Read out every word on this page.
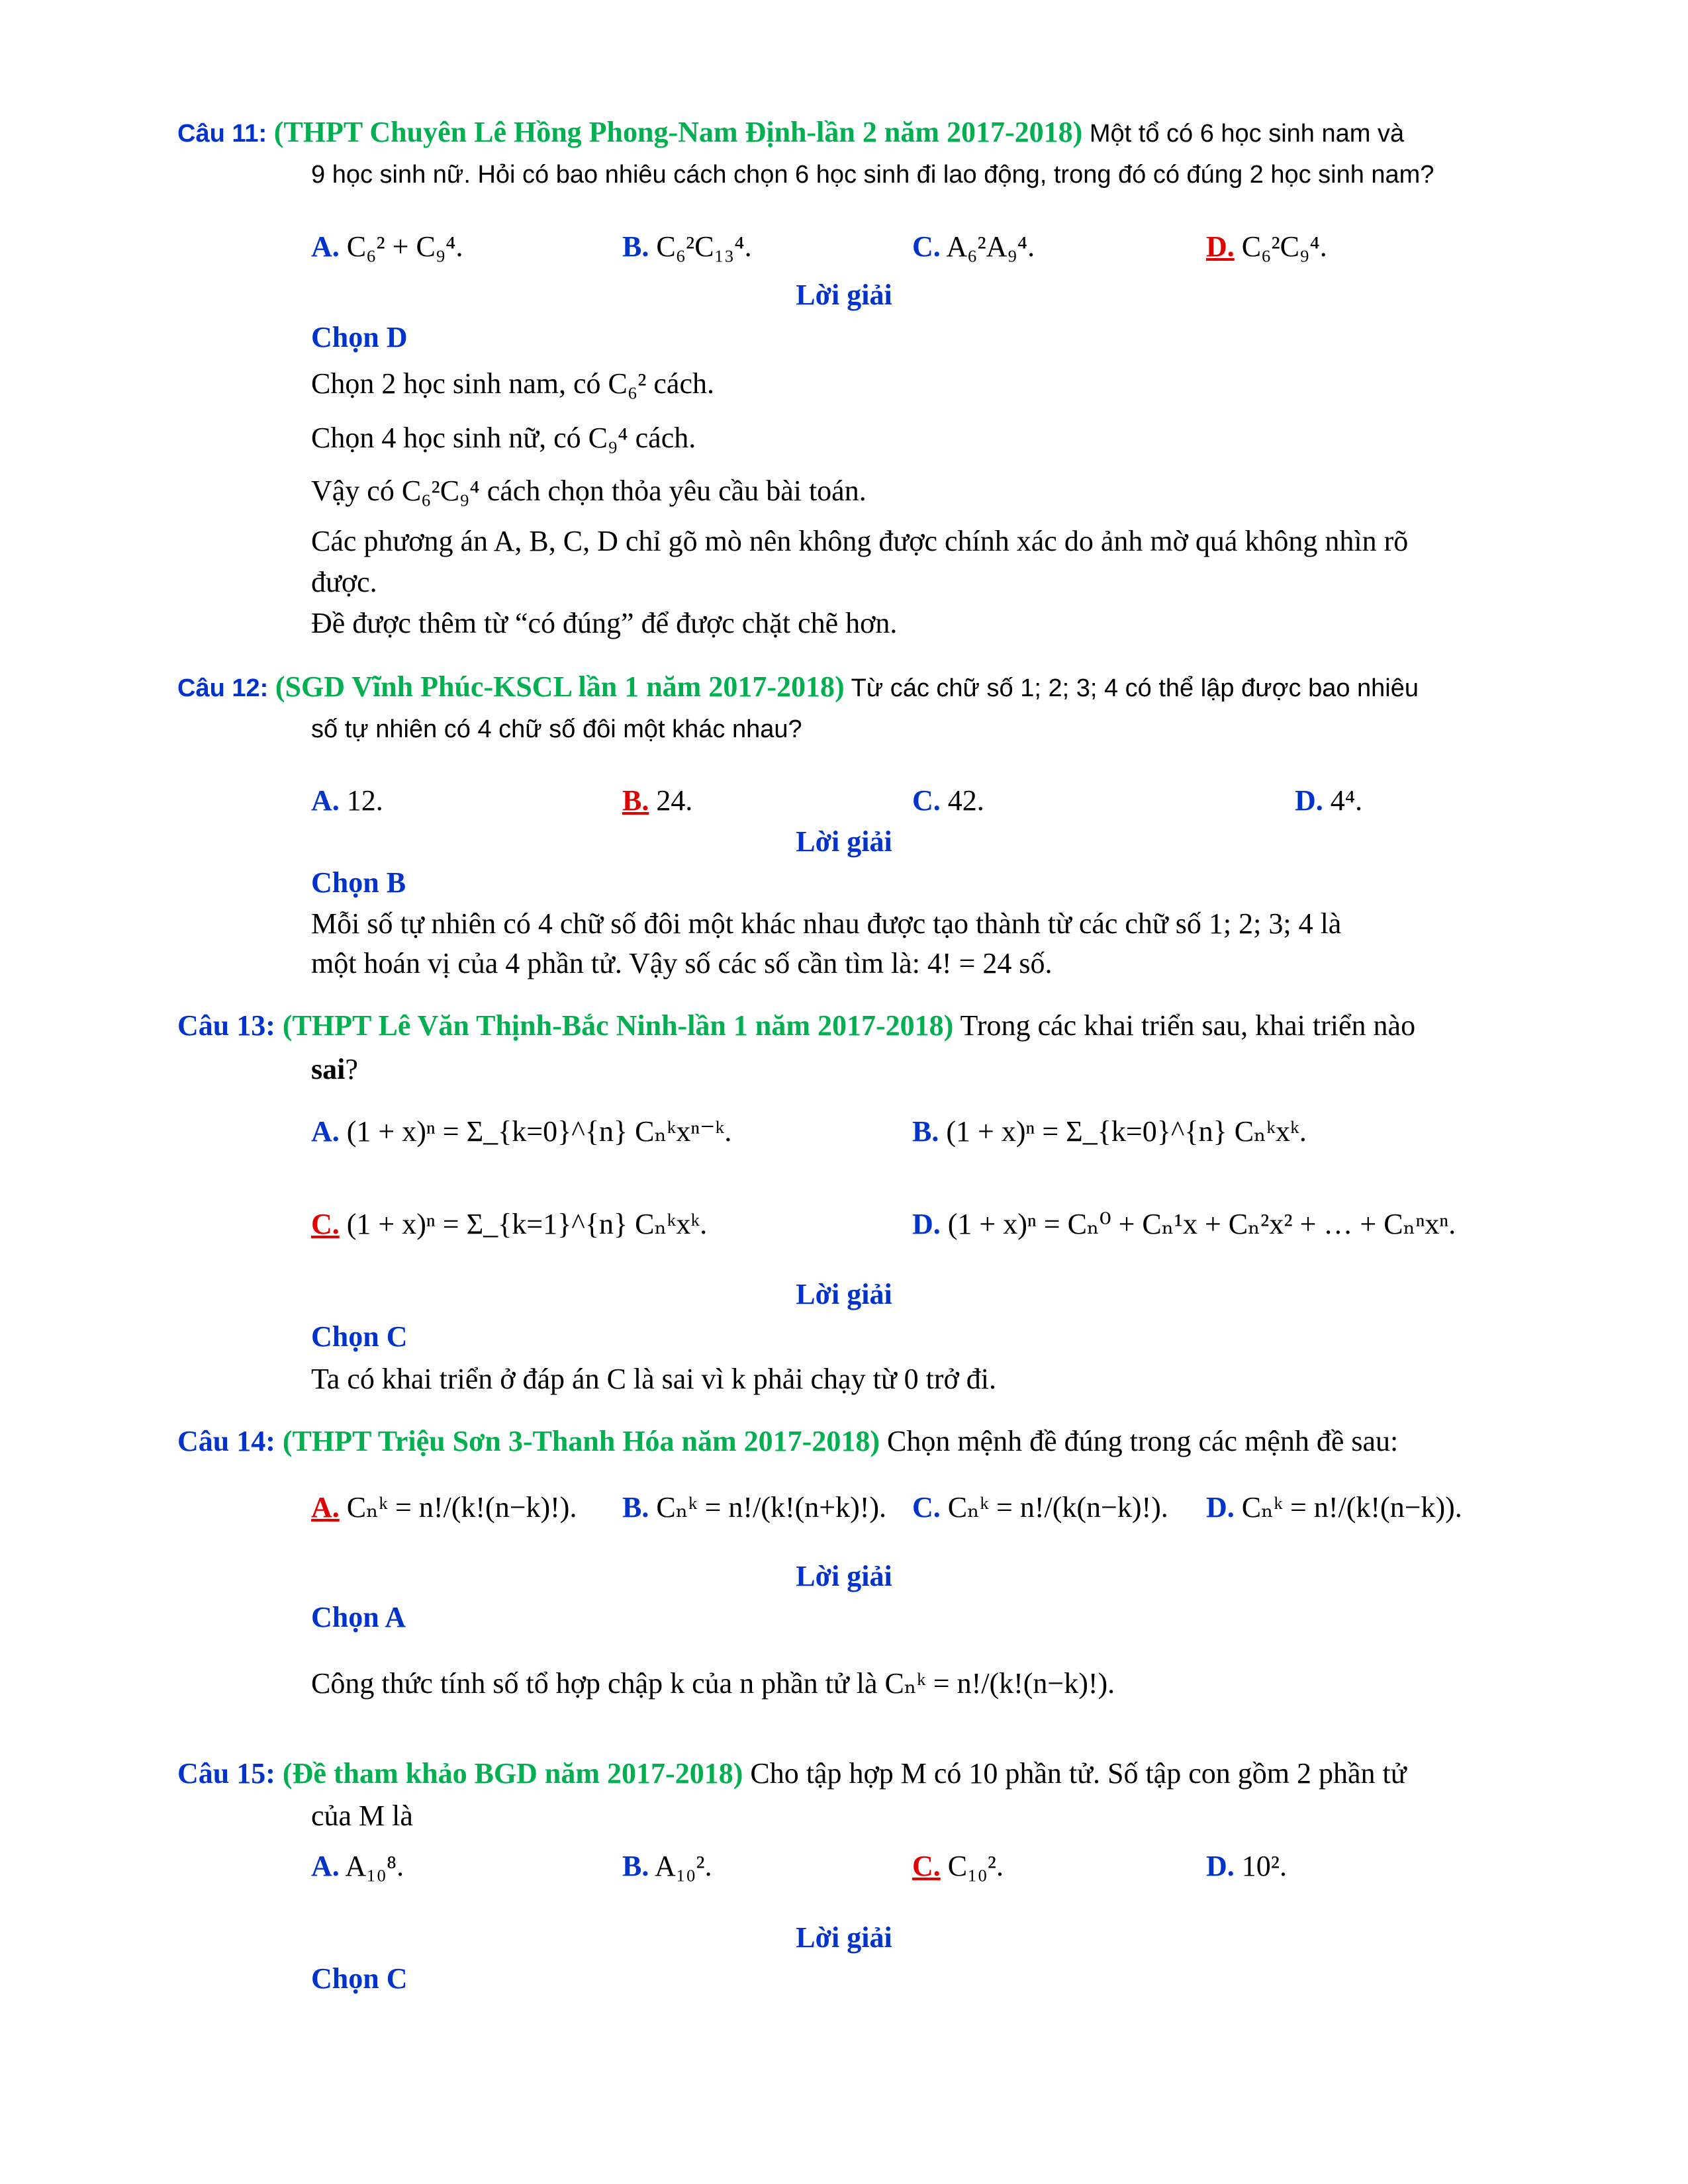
Câu 11: (THPT Chuyên Lê Hồng Phong-Nam Định-lần 2 năm 2017-2018) Một tổ có 6 học sinh nam và
9 học sinh nữ. Hỏi có bao nhiêu cách chọn 6 học sinh đi lao động, trong đó có đúng 2 học sinh nam?
A. C₆² + C₉⁴.	B. C₆²C₁₃⁴.	C. A₆²A₉⁴.	D. C₆²C₉⁴.
Lời giải
Chọn D
Chọn 2 học sinh nam, có C₆² cách.
Chọn 4 học sinh nữ, có C₉⁴ cách.
Vậy có C₆²C₉⁴ cách chọn thỏa yêu cầu bài toán.
Các phương án A, B, C, D chỉ gõ mò nên không được chính xác do ảnh mờ quá không nhìn rõ
được.
Đề được thêm từ “có đúng” để được chặt chẽ hơn.
Câu 12: (SGD Vĩnh Phúc-KSCL lần 1 năm 2017-2018) Từ các chữ số 1; 2; 3; 4 có thể lập được bao nhiêu
số tự nhiên có 4 chữ số đôi một khác nhau?
A. 12.	B. 24.	C. 42.	D. 4⁴.
Lời giải
Chọn B
Mỗi số tự nhiên có 4 chữ số đôi một khác nhau được tạo thành từ các chữ số 1; 2; 3; 4 là
một hoán vị của 4 phần tử. Vậy số các số cần tìm là: 4! = 24 số.
Câu 13: (THPT Lê Văn Thịnh-Bắc Ninh-lần 1 năm 2017-2018) Trong các khai triển sau, khai triển nào
sai?
A. (1 + x)ⁿ = Σ_{k=0}^{n} Cₙᵏxⁿ⁻ᵏ.	B. (1 + x)ⁿ = Σ_{k=0}^{n} Cₙᵏxᵏ.
C. (1 + x)ⁿ = Σ_{k=1}^{n} Cₙᵏxᵏ.	D. (1 + x)ⁿ = Cₙ⁰ + Cₙ¹x + Cₙ²x² + … + Cₙⁿxⁿ.
Lời giải
Chọn C
Ta có khai triển ở đáp án C là sai vì k phải chạy từ 0 trở đi.
Câu 14: (THPT Triệu Sơn 3-Thanh Hóa năm 2017-2018) Chọn mệnh đề đúng trong các mệnh đề sau:
A. Cₙᵏ = n!/(k!(n−k)!). B. Cₙᵏ = n!/(k!(n+k)!). C. Cₙᵏ = n!/(k(n−k)!). D. Cₙᵏ = n!/(k!(n−k)).
Lời giải
Chọn A
Công thức tính số tổ hợp chập k của n phần tử là Cₙᵏ = n!/(k!(n−k)!).
Câu 15: (Đề tham khảo BGD năm 2017-2018) Cho tập hợp M có 10 phần tử. Số tập con gồm 2 phần tử
của M là
A. A₁₀⁸.	B. A₁₀².	C. C₁₀².	D. 10².
Lời giải
Chọn C
